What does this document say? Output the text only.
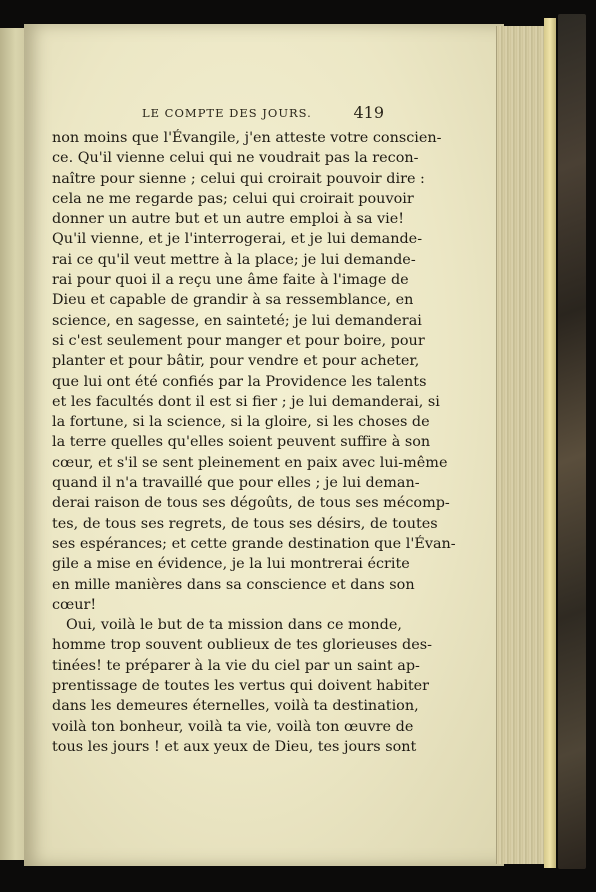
LE COMPTE DES JOURS.	419
non moins que l'Évangile, j'en atteste votre conscien-
ce. Qu'il vienne celui qui ne voudrait pas la recon-
naître pour sienne ; celui qui croirait pouvoir dire :
cela ne me regarde pas; celui qui croirait pouvoir
donner un autre but et un autre emploi à sa vie!
Qu'il vienne, et je l'interrogerai, et je lui demande-
rai ce qu'il veut mettre à la place; je lui demande-
rai pour quoi il a reçu une âme faite à l'image de
Dieu et capable de grandir à sa ressemblance, en
science, en sagesse, en sainteté; je lui demanderai
si c'est seulement pour manger et pour boire, pour
planter et pour bâtir, pour vendre et pour acheter,
que lui ont été confiés par la Providence les talents
et les facultés dont il est si fier ; je lui demanderai, si
la fortune, si la science, si la gloire, si les choses de
la terre quelles qu'elles soient peuvent suffire à son
cœur, et s'il se sent pleinement en paix avec lui-même
quand il n'a travaillé que pour elles ; je lui deman-
derai raison de tous ses dégoûts, de tous ses mécomp-
tes, de tous ses regrets, de tous ses désirs, de toutes
ses espérances; et cette grande destination que l'Évan-
gile a mise en évidence, je la lui montrerai écrite
en mille manières dans sa conscience et dans son
cœur!
Oui, voilà le but de ta mission dans ce monde,
homme trop souvent oublieux de tes glorieuses des-
tinées! te préparer à la vie du ciel par un saint ap-
prentissage de toutes les vertus qui doivent habiter
dans les demeures éternelles, voilà ta destination,
voilà ton bonheur, voilà ta vie, voilà ton œuvre de
tous les jours ! et aux yeux de Dieu, tes jours sont
